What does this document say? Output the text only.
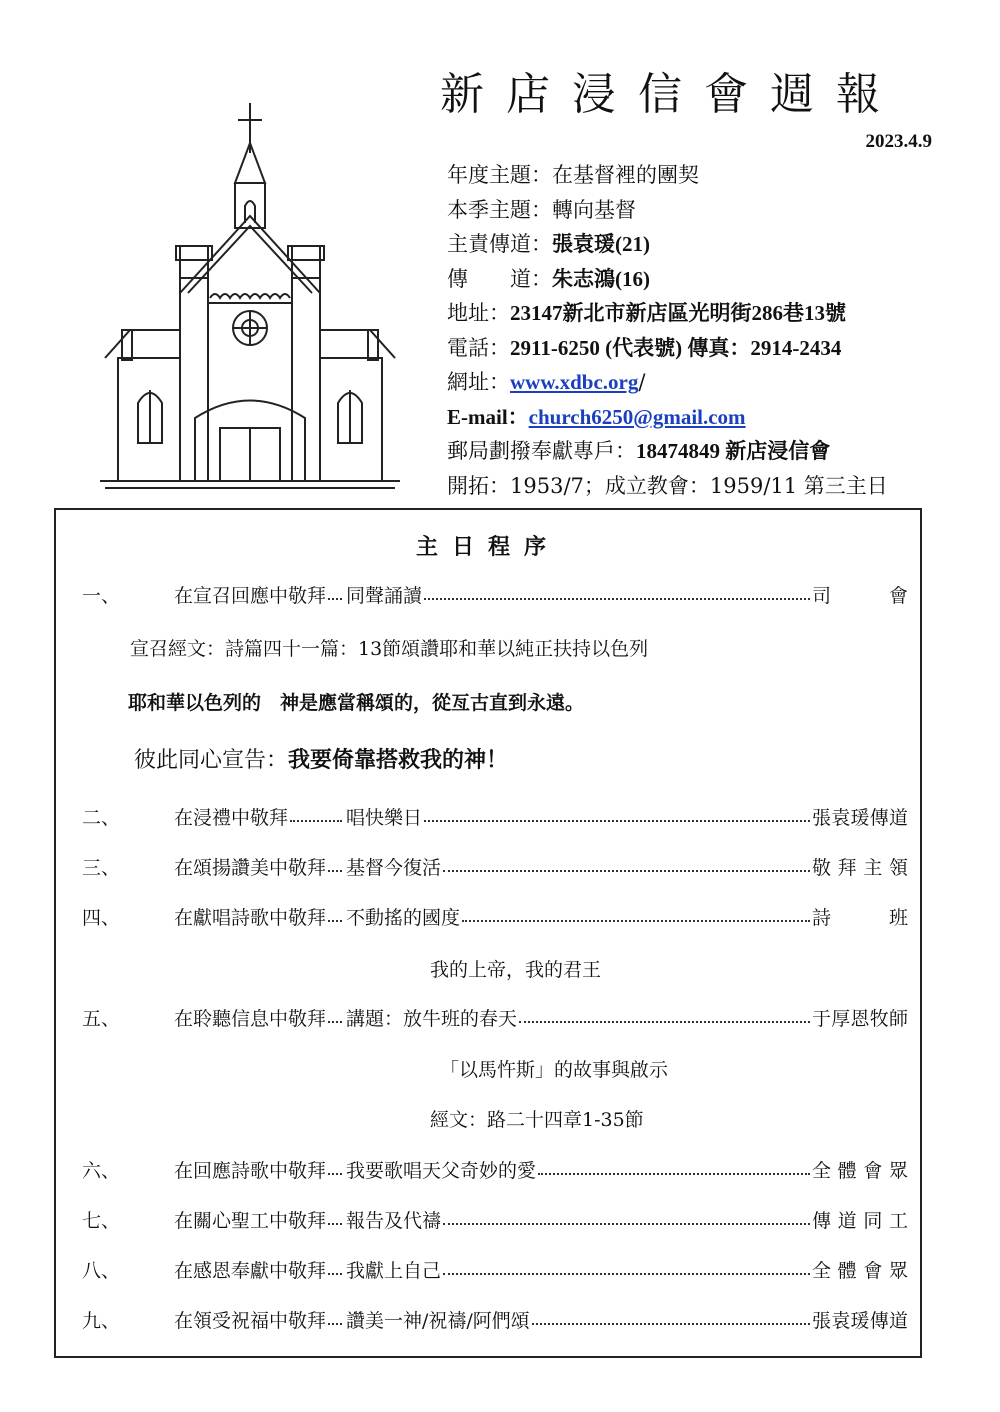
新店浸信會週報
2023.4.9
年度主題：在基督裡的團契
本季主題：轉向基督
主責傳道：張袁瑗(21)
傳　　道：朱志鴻(16)
地址：23147新北市新店區光明街286巷13號
電話：2911-6250 (代表號) 傳真：2914-2434
網址：www.xdbc.org/
E-mail：church6250@gmail.com
郵局劃撥奉獻專戶：18474849 新店浸信會
開拓：1953/7；成立教會：1959/11 第三主日
主日程序
一、	在宣召回應中敬拜 同聲誦讀	司　會
宣召經文：詩篇四十一篇：13節頌讚耶和華以純正扶持以色列
耶和華以色列的　神是應當稱頌的，從亙古直到永遠。
彼此同心宣告：我要倚靠搭救我的神！
二、	在浸禮中敬拜	唱快樂日	張袁瑗傳道
三、	在頌揚讚美中敬拜 基督今復活	敬拜主領
四、	在獻唱詩歌中敬拜 不動搖的國度	詩　班
我的上帝，我的君王
五、	在聆聽信息中敬拜 講題：放牛班的春天	于厚恩牧師
「以馬忤斯」的故事與啟示
經文：路二十四章1-35節
六、	在回應詩歌中敬拜 我要歌唱天父奇妙的愛	全體會眾
七、	在關心聖工中敬拜 報告及代禱	傳道同工
八、	在感恩奉獻中敬拜 我獻上自己	全體會眾
九、	在領受祝福中敬拜 讚美一神/祝禱/阿們頌	張袁瑗傳道
